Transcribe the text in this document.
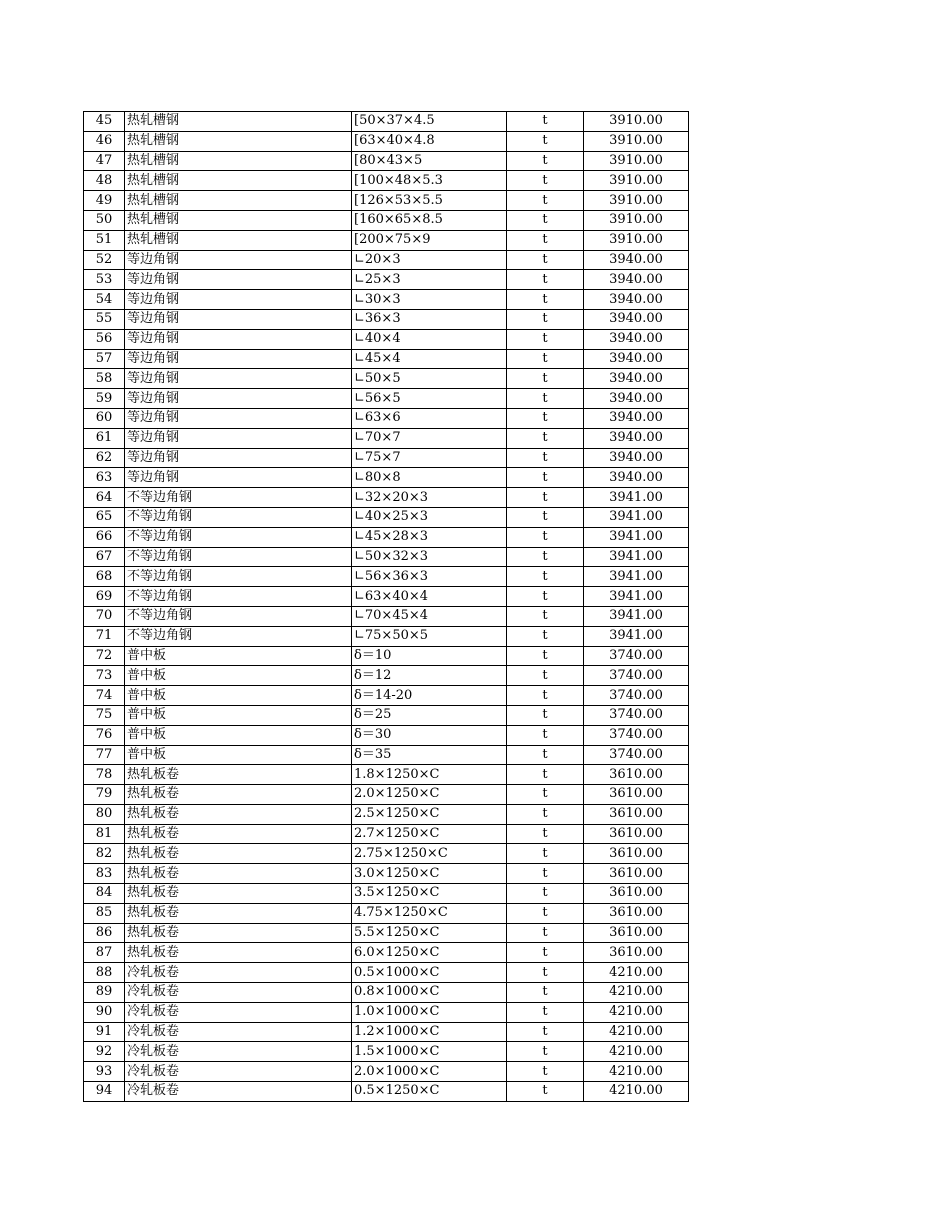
45	热轧槽钢	[50×37×4.5	t	3910.00
46	热轧槽钢	[63×40×4.8	t	3910.00
47	热轧槽钢	[80×43×5	t	3910.00
48	热轧槽钢	[100×48×5.3	t	3910.00
49	热轧槽钢	[126×53×5.5	t	3910.00
50	热轧槽钢	[160×65×8.5	t	3910.00
51	热轧槽钢	[200×75×9	t	3910.00
52	等边角钢	∟20×3	t	3940.00
53	等边角钢	∟25×3	t	3940.00
54	等边角钢	∟30×3	t	3940.00
55	等边角钢	∟36×3	t	3940.00
56	等边角钢	∟40×4	t	3940.00
57	等边角钢	∟45×4	t	3940.00
58	等边角钢	∟50×5	t	3940.00
59	等边角钢	∟56×5	t	3940.00
60	等边角钢	∟63×6	t	3940.00
61	等边角钢	∟70×7	t	3940.00
62	等边角钢	∟75×7	t	3940.00
63	等边角钢	∟80×8	t	3940.00
64	不等边角钢	∟32×20×3	t	3941.00
65	不等边角钢	∟40×25×3	t	3941.00
66	不等边角钢	∟45×28×3	t	3941.00
67	不等边角钢	∟50×32×3	t	3941.00
68	不等边角钢	∟56×36×3	t	3941.00
69	不等边角钢	∟63×40×4	t	3941.00
70	不等边角钢	∟70×45×4	t	3941.00
71	不等边角钢	∟75×50×5	t	3941.00
72	普中板	δ＝10	t	3740.00
73	普中板	δ＝12	t	3740.00
74	普中板	δ＝14-20	t	3740.00
75	普中板	δ＝25	t	3740.00
76	普中板	δ＝30	t	3740.00
77	普中板	δ＝35	t	3740.00
78	热轧板卷	1.8×1250×C	t	3610.00
79	热轧板卷	2.0×1250×C	t	3610.00
80	热轧板卷	2.5×1250×C	t	3610.00
81	热轧板卷	2.7×1250×C	t	3610.00
82	热轧板卷	2.75×1250×C	t	3610.00
83	热轧板卷	3.0×1250×C	t	3610.00
84	热轧板卷	3.5×1250×C	t	3610.00
85	热轧板卷	4.75×1250×C	t	3610.00
86	热轧板卷	5.5×1250×C	t	3610.00
87	热轧板卷	6.0×1250×C	t	3610.00
88	冷轧板卷	0.5×1000×C	t	4210.00
89	冷轧板卷	0.8×1000×C	t	4210.00
90	冷轧板卷	1.0×1000×C	t	4210.00
91	冷轧板卷	1.2×1000×C	t	4210.00
92	冷轧板卷	1.5×1000×C	t	4210.00
93	冷轧板卷	2.0×1000×C	t	4210.00
94	冷轧板卷	0.5×1250×C	t	4210.00
